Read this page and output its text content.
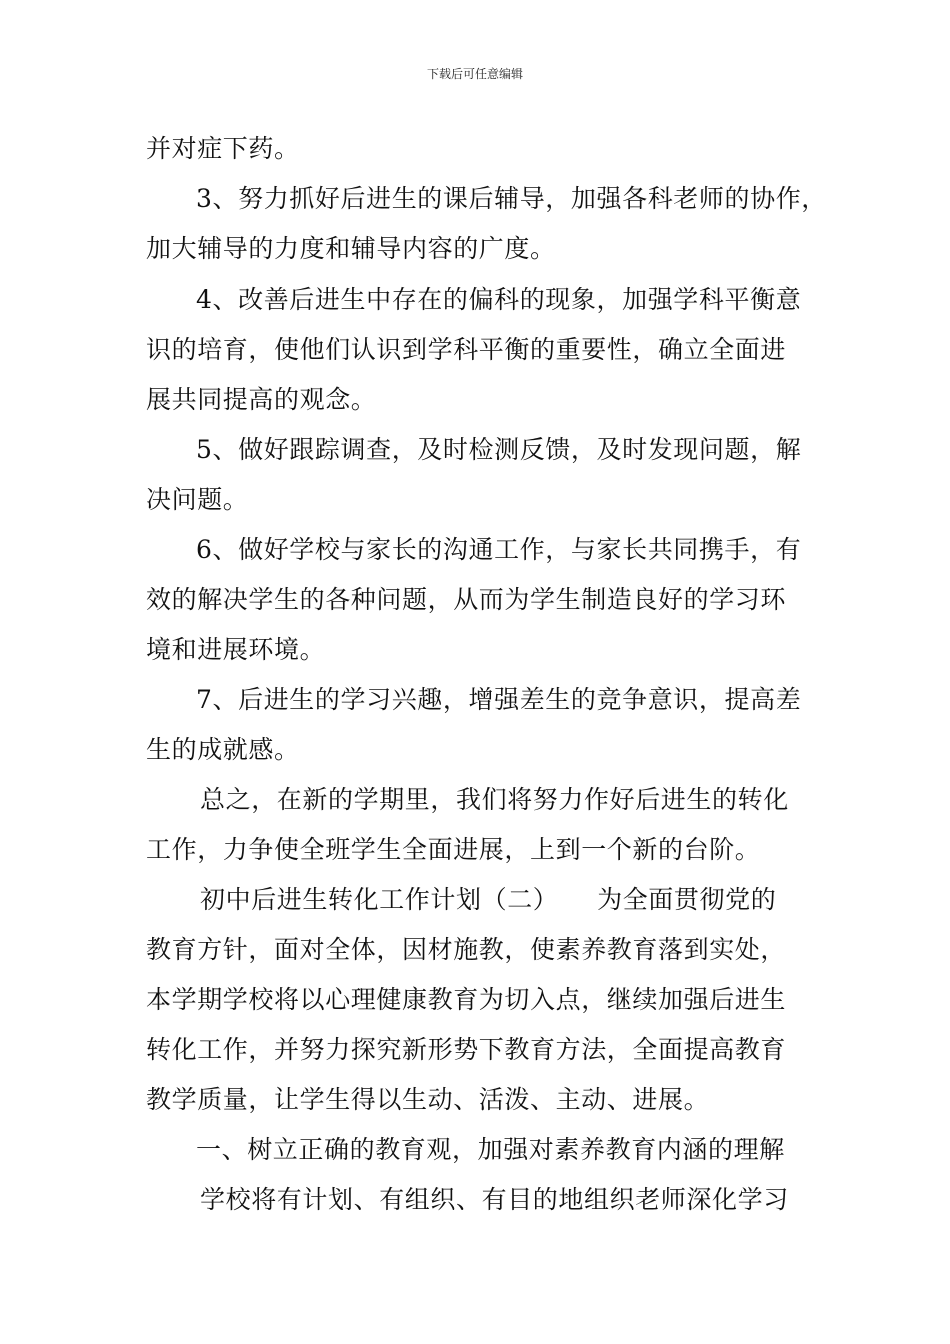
下载后可任意编辑
并对症下药。
3、努力抓好后进生的课后辅导，加强各科老师的协作，
加大辅导的力度和辅导内容的广度。
4、改善后进生中存在的偏科的现象，加强学科平衡意
识的培育，使他们认识到学科平衡的重要性，确立全面进
展共同提高的观念。
5、做好跟踪调查，及时检测反馈，及时发现问题，解
决问题。
6、做好学校与家长的沟通工作，与家长共同携手，有
效的解决学生的各种问题，从而为学生制造良好的学习环
境和进展环境。
7、后进生的学习兴趣，增强差生的竞争意识，提高差
生的成就感。
总之，在新的学期里，我们将努力作好后进生的转化
工作，力争使全班学生全面进展，上到一个新的台阶。
初中后进生转化工作计划（二）　　为全面贯彻党的
教育方针，面对全体，因材施教，使素养教育落到实处，
本学期学校将以心理健康教育为切入点，继续加强后进生
转化工作，并努力探究新形势下教育方法，全面提高教育
教学质量，让学生得以生动、活泼、主动、进展。
一、树立正确的教育观，加强对素养教育内涵的理解
学校将有计划、有组织、有目的地组织老师深化学习
